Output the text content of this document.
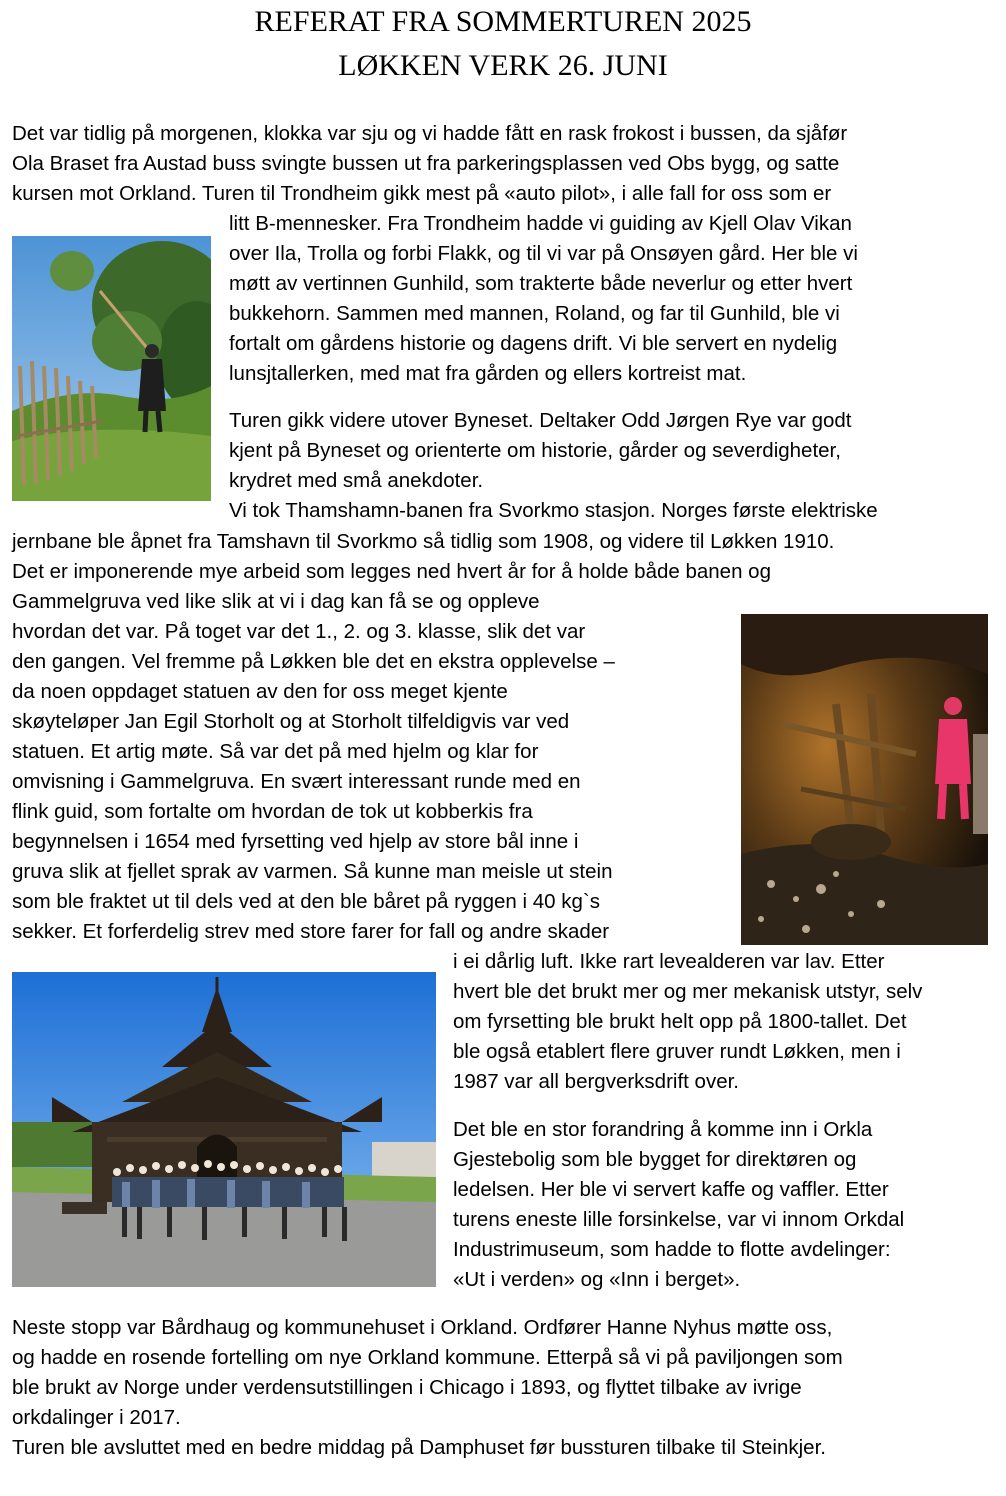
REFERAT FRA SOMMERTUREN 2025
LØKKEN VERK 26. JUNI
Det var tidlig på morgenen, klokka var sju og vi hadde fått en rask frokost i bussen, da sjåfør
Ola Braset fra Austad buss svingte bussen ut fra parkeringsplassen ved Obs bygg, og satte
kursen mot Orkland. Turen til Trondheim gikk mest på «auto pilot», i alle fall for oss som er
litt B-mennesker. Fra Trondheim hadde vi guiding av Kjell Olav Vikan
over Ila, Trolla og forbi Flakk, og til vi var på Onsøyen gård. Her ble vi
møtt av vertinnen Gunhild, som trakterte både neverlur og etter hvert
bukkehorn. Sammen med mannen, Roland, og far til Gunhild, ble vi
fortalt om gårdens historie og dagens drift. Vi ble servert en nydelig
lunsjtallerken, med mat fra gården og ellers kortreist mat.
Turen gikk videre utover Byneset. Deltaker Odd Jørgen Rye var godt
kjent på Byneset og orienterte om historie, gårder og severdigheter,
krydret med små anekdoter.
Vi tok Thamshamn-banen fra Svorkmo stasjon. Norges første elektriske
jernbane ble åpnet fra Tamshavn til Svorkmo så tidlig som 1908, og videre til Løkken 1910.
Det er imponerende mye arbeid som legges ned hvert år for å holde både banen og
Gammelgruva ved like slik at vi i dag kan få se og oppleve
hvordan det var. På toget var det 1., 2. og 3. klasse, slik det var
den gangen. Vel fremme på Løkken ble det en ekstra opplevelse –
da noen oppdaget statuen av den for oss meget kjente
skøyteløper Jan Egil Storholt og at Storholt tilfeldigvis var ved
statuen. Et artig møte. Så var det på med hjelm og klar for
omvisning i Gammelgruva. En svært interessant runde med en
flink guid, som fortalte om hvordan de tok ut kobberkis fra
begynnelsen i 1654 med fyrsetting ved hjelp av store bål inne i
gruva slik at fjellet sprak av varmen. Så kunne man meisle ut stein
som ble fraktet ut til dels ved at den ble båret på ryggen i 40 kg`s
sekker. Et forferdelig strev med store farer for fall og andre skader
i ei dårlig luft. Ikke rart levealderen var lav. Etter
hvert ble det brukt mer og mer mekanisk utstyr, selv
om fyrsetting ble brukt helt opp på 1800-tallet. Det
ble også etablert flere gruver rundt Løkken, men i
1987 var all bergverksdrift over.
Det ble en stor forandring å komme inn i Orkla
Gjestebolig som ble bygget for direktøren og
ledelsen. Her ble vi servert kaffe og vaffler. Etter
turens eneste lille forsinkelse, var vi innom Orkdal
Industrimuseum, som hadde to flotte avdelinger:
«Ut i verden» og «Inn i berget».
Neste stopp var Bårdhaug og kommunehuset i Orkland. Ordfører Hanne Nyhus møtte oss,
og hadde en rosende fortelling om nye Orkland kommune. Etterpå så vi på paviljongen som
ble brukt av Norge under verdensutstillingen i Chicago i 1893, og flyttet tilbake av ivrige
orkdalinger i 2017.
Turen ble avsluttet med en bedre middag på Damphuset før bussturen tilbake til Steinkjer.
